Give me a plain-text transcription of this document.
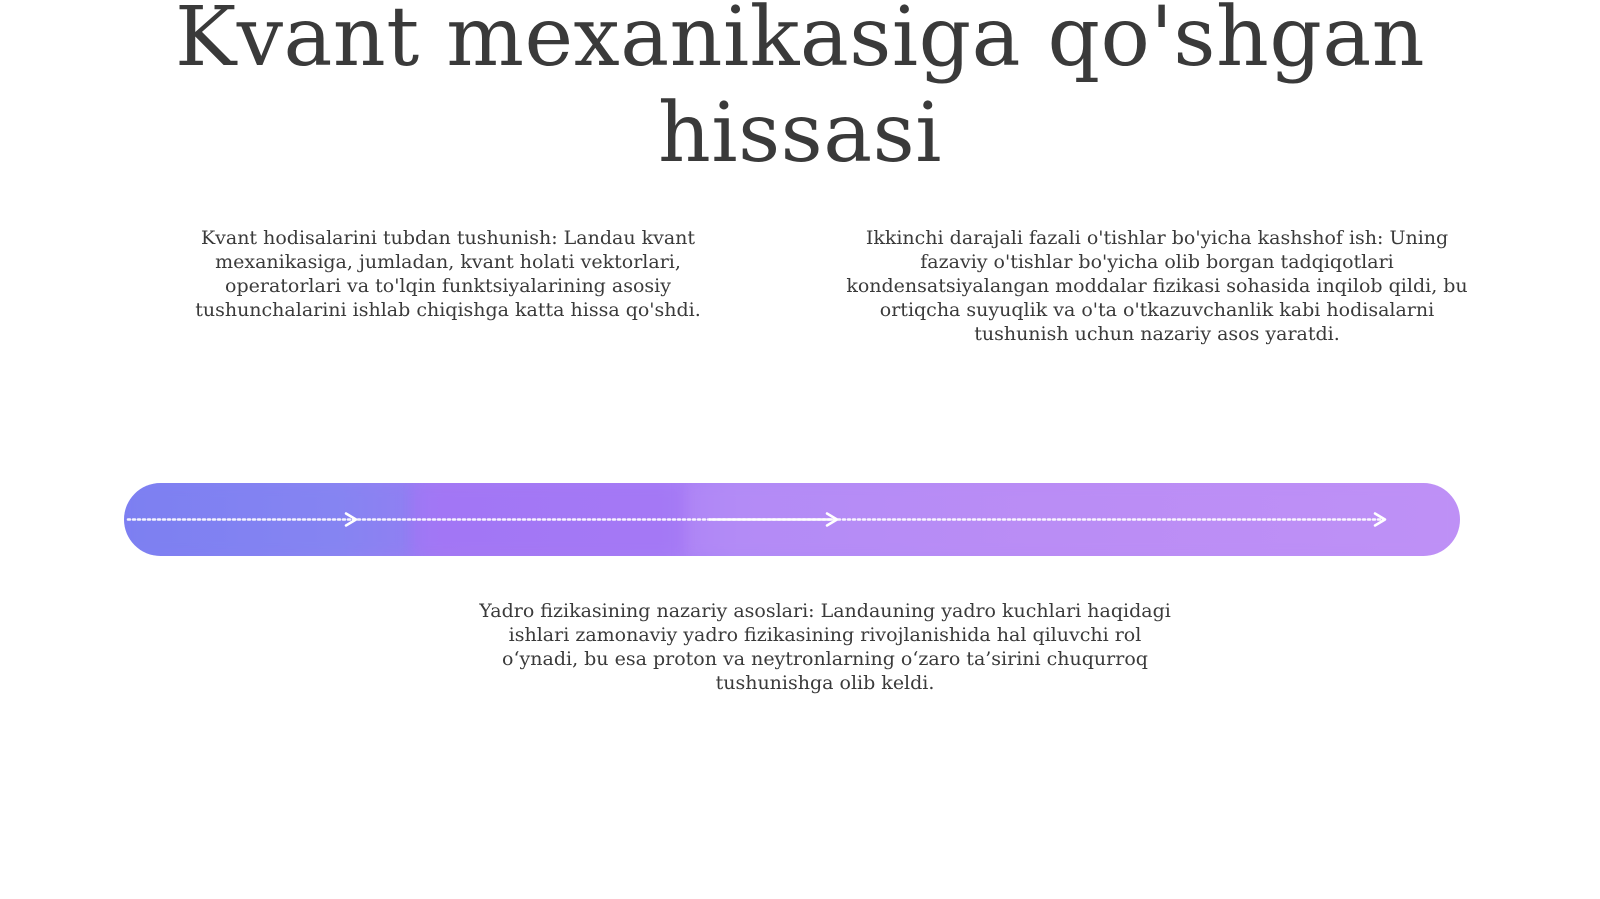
Kvant mexanikasiga qo'shgan hissasi

Kvant hodisalarini tubdan tushunish: Landau kvant mexanikasiga, jumladan, kvant holati vektorlari, operatorlari va to'lqin funktsiyalarining asosiy tushunchalarini ishlab chiqishga katta hissa qo'shdi.

Ikkinchi darajali fazali o'tishlar bo'yicha kashshof ish: Uning fazaviy o'tishlar bo'yicha olib borgan tadqiqotlari kondensatsiyalangan moddalar fizikasi sohasida inqilob qildi, bu ortiqcha suyuqlik va o'ta o'tkazuvchanlik kabi hodisalarni tushunish uchun nazariy asos yaratdi.

Yadro fizikasining nazariy asoslari: Landauning yadro kuchlari haqidagi ishlari zamonaviy yadro fizikasining rivojlanishida hal qiluvchi rol o‘ynadi, bu esa proton va neytronlarning o‘zaro ta’sirini chuqurroq tushunishga olib keldi.
